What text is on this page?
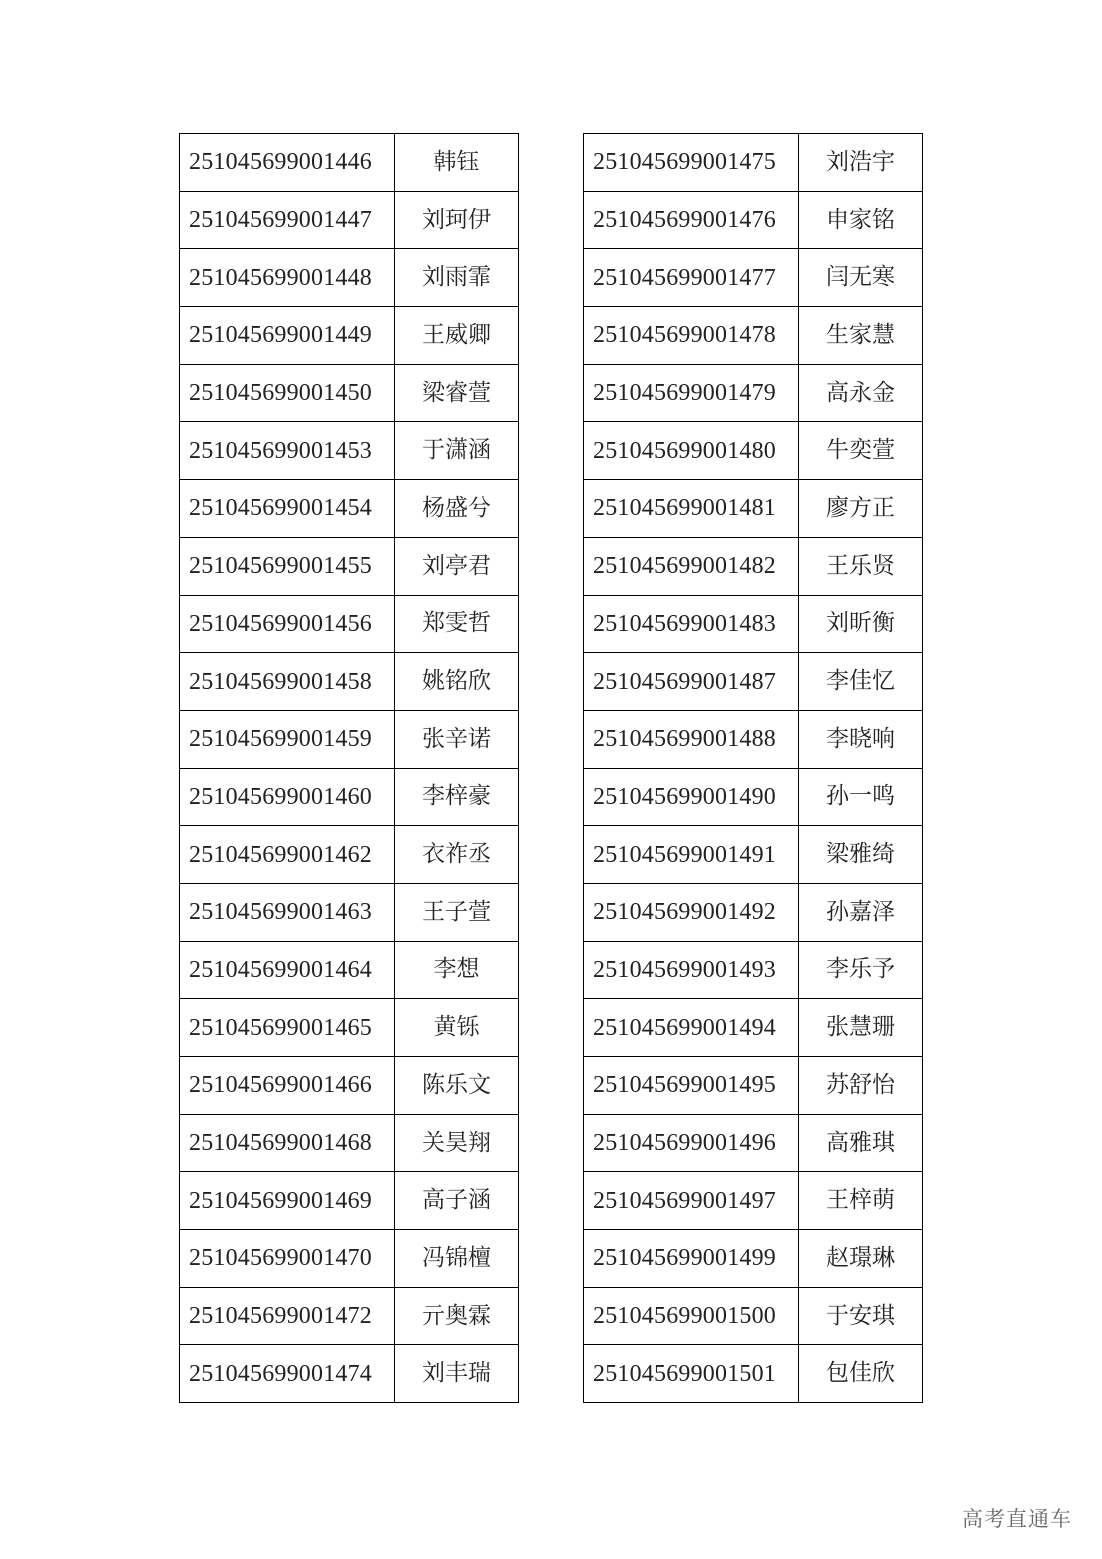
251045699001446	韩钰
251045699001447	刘珂伊
251045699001448	刘雨霏
251045699001449	王威卿
251045699001450	梁睿萱
251045699001453	于潇涵
251045699001454	杨盛兮
251045699001455	刘亭君
251045699001456	郑雯哲
251045699001458	姚铭欣
251045699001459	张辛诺
251045699001460	李梓豪
251045699001462	衣祚丞
251045699001463	王子萱
251045699001464	李想
251045699001465	黄铄
251045699001466	陈乐文
251045699001468	关昊翔
251045699001469	高子涵
251045699001470	冯锦檀
251045699001472	亓奥霖
251045699001474	刘丰瑞
251045699001475	刘浩宇
251045699001476	申家铭
251045699001477	闫无寒
251045699001478	生家慧
251045699001479	高永金
251045699001480	牛奕萱
251045699001481	廖方正
251045699001482	王乐贤
251045699001483	刘昕衡
251045699001487	李佳忆
251045699001488	李晓响
251045699001490	孙一鸣
251045699001491	梁雅绮
251045699001492	孙嘉泽
251045699001493	李乐予
251045699001494	张慧珊
251045699001495	苏舒怡
251045699001496	高雅琪
251045699001497	王梓萌
251045699001499	赵璟琳
251045699001500	于安琪
251045699001501	包佳欣
高考直通车
